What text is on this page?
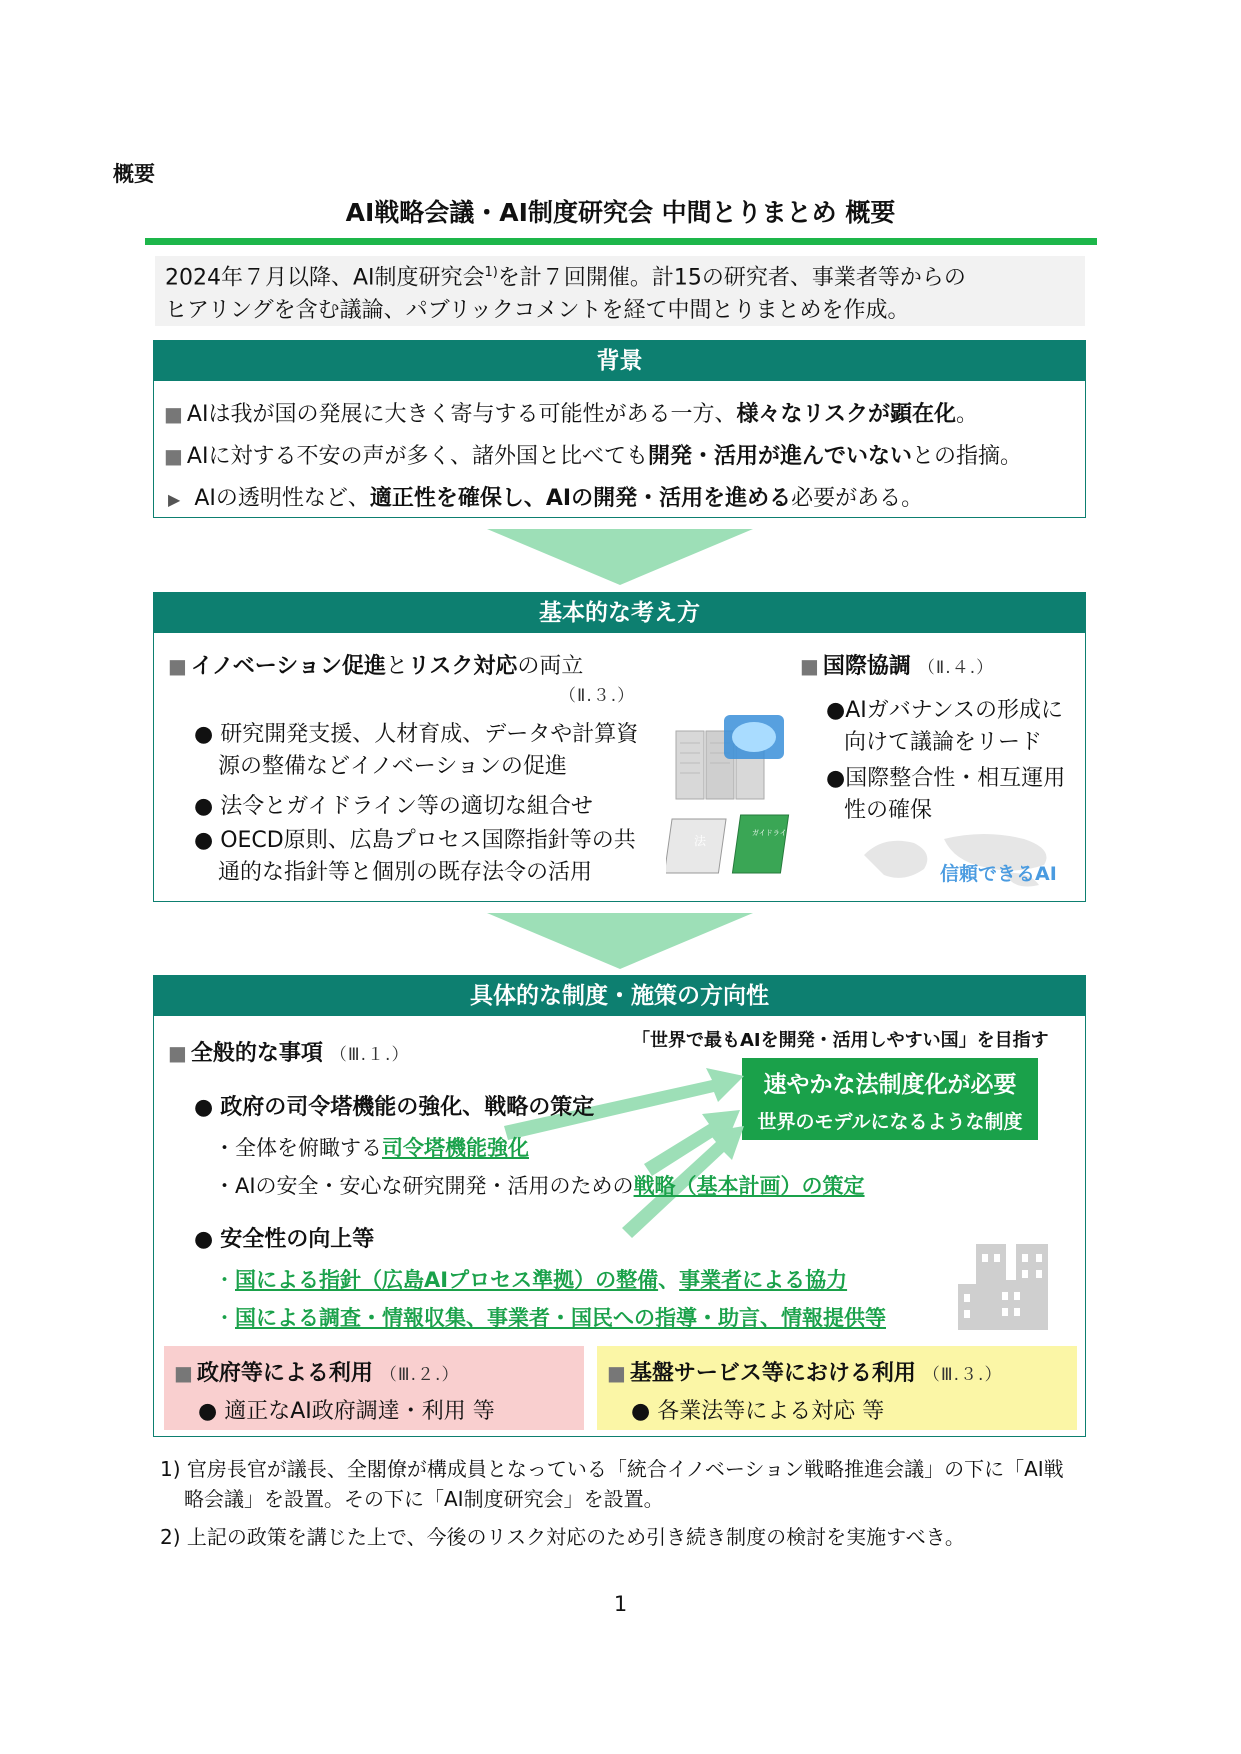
概要
AI戦略会議・AI制度研究会 中間とりまとめ 概要
2024年７月以降、AI制度研究会$^{1)}$を計７回開催。計15の研究者、事業者等からの
ヒアリングを含む議論、パブリックコメントを経て中間とりまとめを作成。
背景
■ AIは我が国の発展に大きく寄与する可能性がある一方、様々なリスクが顕在化。
■ AIに対する不安の声が多く、諸外国と比べても開発・活用が進んでいないとの指摘。
▶ AIの透明性など、適正性を確保し、AIの開発・活用を進める必要がある。
基本的な考え方
■ イノベーション促進とリスク対応の両立
（Ⅱ.３.）
● 研究開発支援、人材育成、データや計算資
源の整備などイノベーションの促進
● 法令とガイドライン等の適切な組合せ
● OECD原則、広島プロセス国際指針等の共
通的な指針等と個別の既存法令の活用
法
ガイドライン
■ 国際協調 （Ⅱ.４.）
●AIガバナンスの形成に
向けて議論をリード
●国際整合性・相互運用
性の確保
信頼できるAI
具体的な制度・施策の方向性
■ 全般的な事項 （Ⅲ.１.）
「世界で最もAIを開発・活用しやすい国」を目指す
速やかな法制度化が必要
世界のモデルになるような制度
● 政府の司令塔機能の強化、戦略の策定
・全体を俯瞰する司令塔機能強化
・AIの安全・安心な研究開発・活用のための戦略（基本計画）の策定
● 安全性の向上等
・国による指針（広島AIプロセス準拠）の整備、事業者による協力
・国による調査・情報収集、事業者・国民への指導・助言、情報提供等
■ 政府等による利用 （Ⅲ.２.）
● 適正なAI政府調達・利用 等
■ 基盤サービス等における利用 （Ⅲ.３.）
● 各業法等による対応 等
1) 官房長官が議長、全閣僚が構成員となっている「統合イノベーション戦略推進会議」の下に「AI戦
略会議」を設置。その下に「AI制度研究会」を設置。
2) 上記の政策を講じた上で、今後のリスク対応のため引き続き制度の検討を実施すべき。
1
